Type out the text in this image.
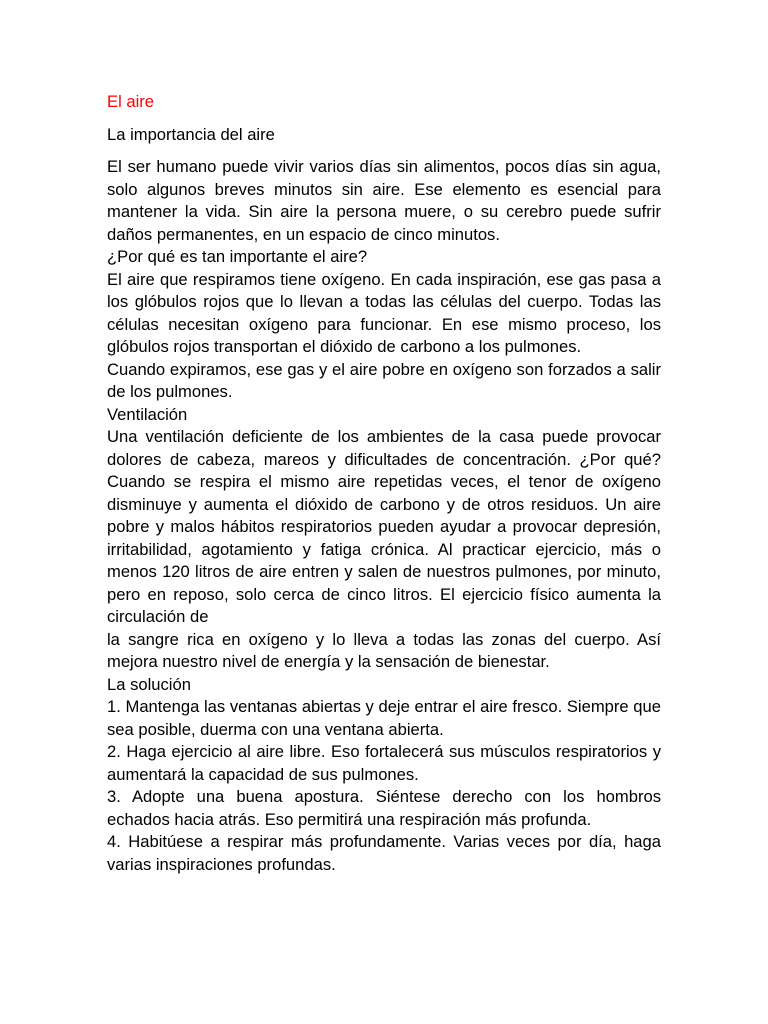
El aire

La importancia del aire

El ser humano puede vivir varios días sin alimentos, pocos días sin agua, solo algunos breves minutos sin aire. Ese elemento es esencial para mantener la vida. Sin aire la persona muere, o su cerebro puede sufrir daños permanentes, en un espacio de cinco minutos.

¿Por qué es tan importante el aire?

El aire que respiramos tiene oxígeno. En cada inspiración, ese gas pasa a los glóbulos rojos que lo llevan a todas las células del cuerpo. Todas las células necesitan oxígeno para funcionar. En ese mismo proceso, los glóbulos rojos transportan el dióxido de carbono a los pulmones.

Cuando expiramos, ese gas y el aire pobre en oxígeno son forzados a salir de los pulmones.

Ventilación

Una ventilación deficiente de los ambientes de la casa puede provocar dolores de cabeza, mareos y dificultades de concentración. ¿Por qué? Cuando se respira el mismo aire repetidas veces, el tenor de oxígeno disminuye y aumenta el dióxido de carbono y de otros residuos. Un aire pobre y malos hábitos respiratorios pueden ayudar a provocar depresión, irritabilidad, agotamiento y fatiga crónica. Al practicar ejercicio, más o menos 120 litros de aire entren y salen de nuestros pulmones, por minuto, pero en reposo, solo cerca de cinco litros. El ejercicio físico aumenta la circulación de

la sangre rica en oxígeno y lo lleva a todas las zonas del cuerpo. Así mejora nuestro nivel de energía y la sensación de bienestar.

La solución

1. Mantenga las ventanas abiertas y deje entrar el aire fresco. Siempre que sea posible, duerma con una ventana abierta.

2. Haga ejercicio al aire libre. Eso fortalecerá sus músculos respiratorios y aumentará la capacidad de sus pulmones.

3. Adopte una buena apostura. Siéntese derecho con los hombros echados hacia atrás. Eso permitirá una respiración más profunda.

4. Habitúese a respirar más profundamente. Varias veces por día, haga varias inspiraciones profundas.
